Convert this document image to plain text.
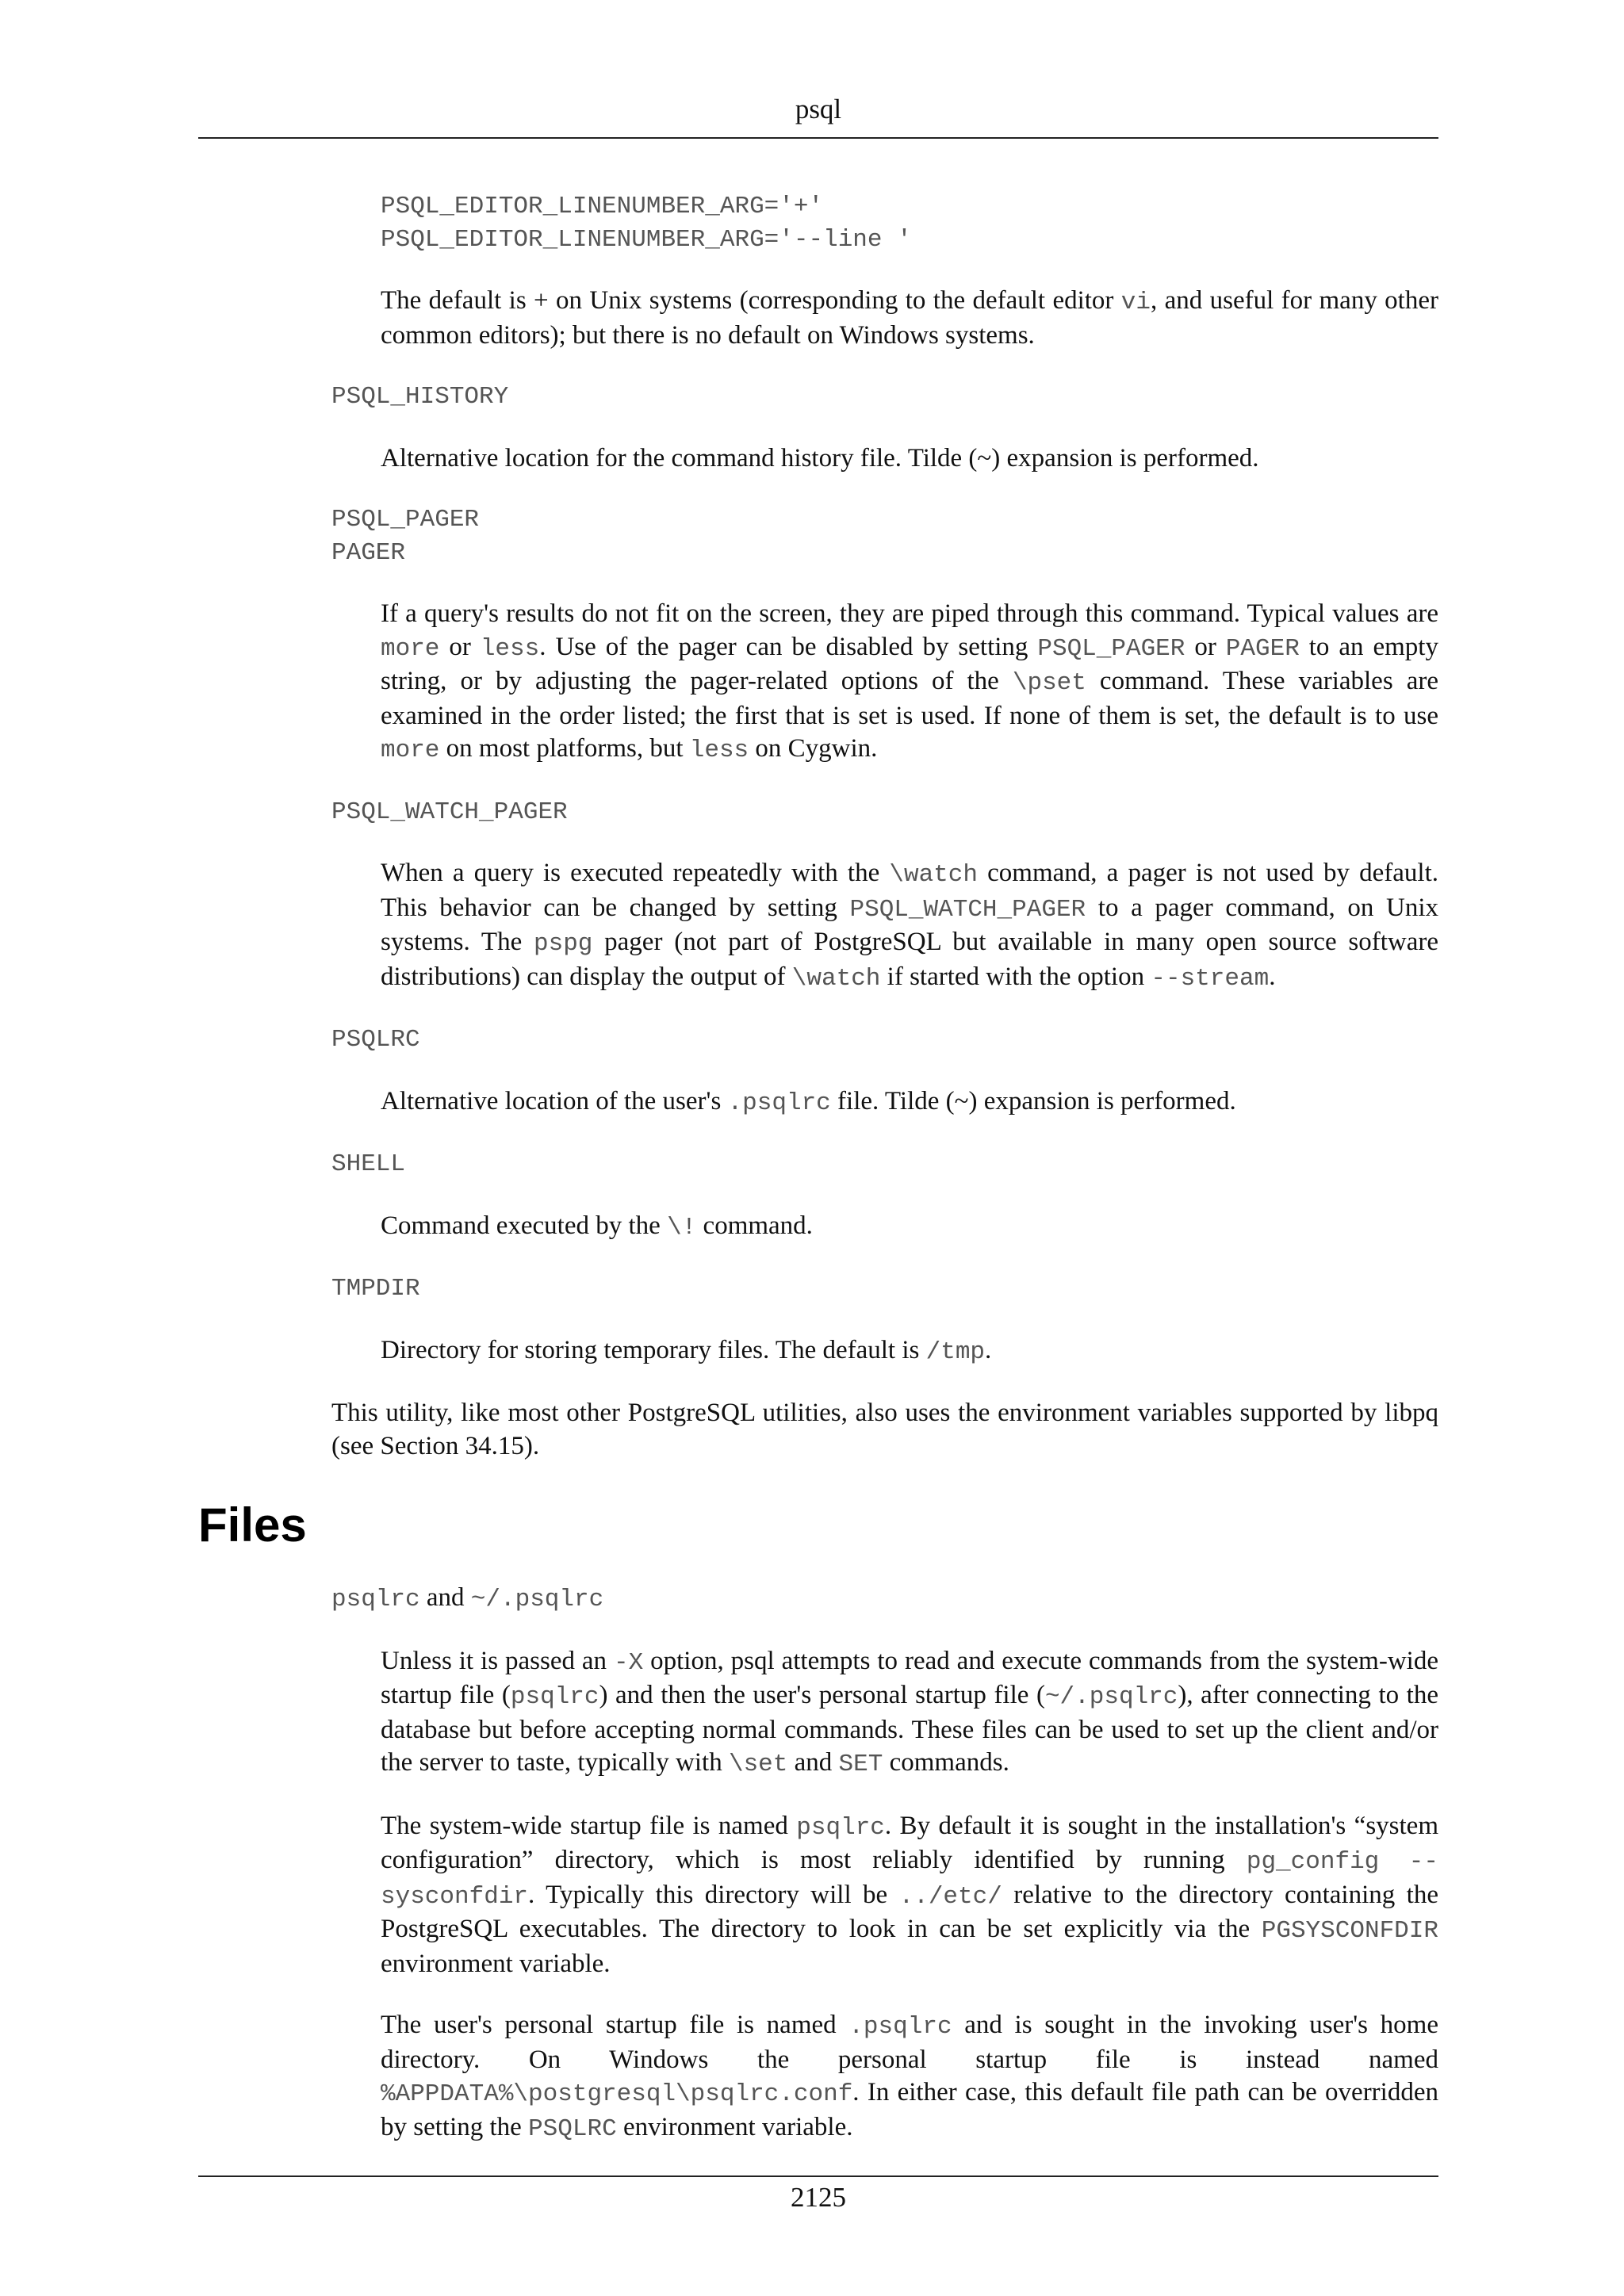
psql
PSQL_EDITOR_LINENUMBER_ARG='+'
PSQL_EDITOR_LINENUMBER_ARG='--line '

The default is + on Unix systems (corresponding to the default editor vi, and useful for many other common editors); but there is no default on Windows systems.

PSQL_HISTORY

Alternative location for the command history file. Tilde (~) expansion is performed.

PSQL_PAGER
PAGER

If a query's results do not fit on the screen, they are piped through this command. Typical values are more or less. Use of the pager can be disabled by setting PSQL_PAGER or PAGER to an empty string, or by adjusting the pager-related options of the \pset command. These variables are examined in the order listed; the first that is set is used. If none of them is set, the default is to use more on most platforms, but less on Cygwin.

PSQL_WATCH_PAGER

When a query is executed repeatedly with the \watch command, a pager is not used by default. This behavior can be changed by setting PSQL_WATCH_PAGER to a pager command, on Unix systems. The pspg pager (not part of PostgreSQL but available in many open source software distributions) can display the output of \watch if started with the option --stream.

PSQLRC

Alternative location of the user's .psqlrc file. Tilde (~) expansion is performed.

SHELL

Command executed by the \! command.

TMPDIR

Directory for storing temporary files. The default is /tmp.

This utility, like most other PostgreSQL utilities, also uses the environment variables supported by libpq (see Section 34.15).

Files
psqlrc and ~/.psqlrc

Unless it is passed an -X option, psql attempts to read and execute commands from the system-wide startup file (psqlrc) and then the user's personal startup file (~/.psqlrc), after connecting to the database but before accepting normal commands. These files can be used to set up the client and/or the server to taste, typically with \set and SET commands.

The system-wide startup file is named psqlrc. By default it is sought in the installation's “system configuration” directory, which is most reliably identified by running pg_config --sysconfdir. Typically this directory will be ../etc/ relative to the directory containing the PostgreSQL executables. The directory to look in can be set explicitly via the PGSYSCONFDIR environment variable.

The user's personal startup file is named .psqlrc and is sought in the invoking user's home directory. On Windows the personal startup file is instead named %APPDATA%\postgresql\psqlrc.conf. In either case, this default file path can be overridden by setting the PSQLRC environment variable.

2125
